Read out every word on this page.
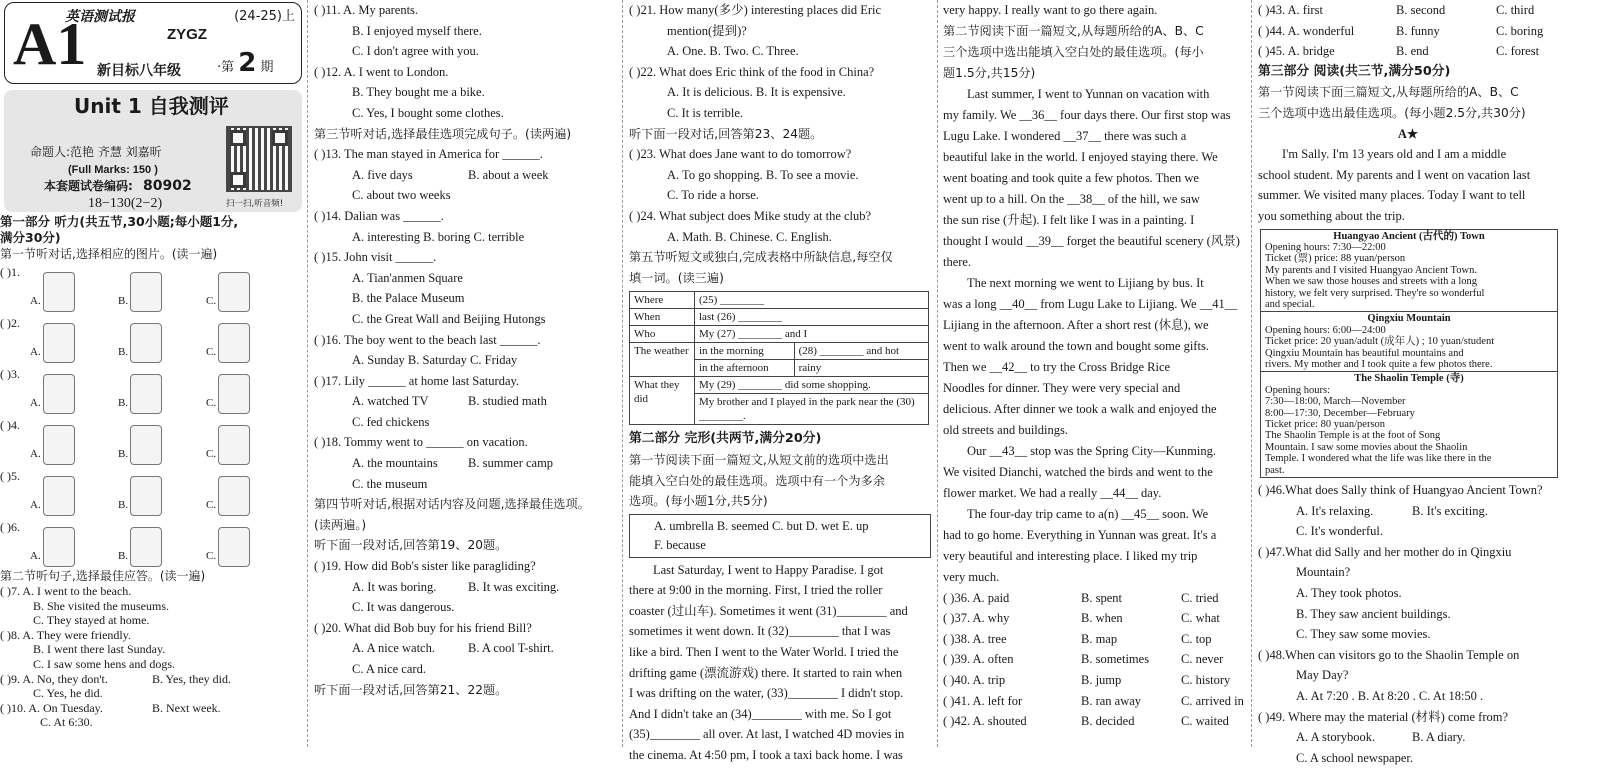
英语测试报
ZYGZ
(24-25)上
A1 新目标八年级	·第 2 期
Unit 1 自我测评
命题人:范艳 齐慧 刘嘉昕
(Full Marks: 150 )
本套题试卷编码: 80902
18−130(2−2)	扫一扫,听音频!
第一部分 听力(共五节,30小题;每小题1分,
满分30分)
第一节听对话,选择相应的图片。(读一遍)
( )1.
A.	B.	C.
( )2.
A.	B.	C.
( )3.
A.	B.	C.
( )4.
A.	B.	C.
( )5.
A.	B.	C.
( )6.
A.	B.	C.
第二节听句子,选择最佳应答。(读一遍)
( )7. A. I went to the beach.
B. She visited the museums.
C. They stayed at home.
( )8. A. They were friendly.
B. I went there last Sunday.
C. I saw some hens and dogs.
( )9. A. No, they don't.	B. Yes, they did.
C. Yes, he did.
( )10. A. On Tuesday.	B. Next week.
C. At 6:30.
( )11. A. My parents.
B. I enjoyed myself there.
C. I don't agree with you.
( )12. A. I went to London.
B. They bought me a bike.
C. Yes, I bought some clothes.
第三节听对话,选择最佳选项完成句子。(读两遍)
( )13. The man stayed in America for ______.
A. five days	B. about a week
C. about two weeks
( )14. Dalian was ______.
A. interesting B. boring C. terrible
( )15. John visit ______.
A. Tian'anmen Square
B. the Palace Museum
C. the Great Wall and Beijing Hutongs
( )16. The boy went to the beach last ______.
A. Sunday B. Saturday C. Friday
( )17. Lily ______ at home last Saturday.
A. watched TV	B. studied math
C. fed chickens
( )18. Tommy went to ______ on vacation.
A. the mountains B. summer camp
C. the museum
第四节听对话,根据对话内容及问题,选择最佳选项。
(读两遍。)
听下面一段对话,回答第19、20题。
( )19. How did Bob's sister like paragliding?
A. It was boring.	B. It was exciting.
C. It was dangerous.
( )20. What did Bob buy for his friend Bill?
A. A nice watch.	B. A cool T-shirt.
C. A nice card.
听下面一段对话,回答第21、22题。
( )21. How many(多少) interesting places did Eric
mention(提到)?
A. One. B. Two. C. Three.
( )22. What does Eric think of the food in China?
A. It is delicious. B. It is expensive.
C. It is terrible.
听下面一段对话,回答第23、24题。
( )23. What does Jane want to do tomorrow?
A. To go shopping. B. To see a movie.
C. To ride a horse.
( )24. What subject does Mike study at the club?
A. Math. B. Chinese. C. English.
第五节听短文或独白,完成表格中所缺信息,每空仅
填一词。(读三遍)
Where	(25) ________	
When	last (26) ________	
Who	My (27) ________ and I	
The weather	in the morning	(28) ________ and hot
	in the afternoon	rainy
What they did	My (29) ________ did some shopping.	
	My brother and I played in the park near the (30) ________.	
第二部分 完形(共两节,满分20分)
第一节阅读下面一篇短文,从短文前的选项中选出
能填入空白处的最佳选项。选项中有一个为多余
选项。(每小题1分,共5分)
A. umbrella B. seemed C. but D. wet E. up
F. because
Last Saturday, I went to Happy Paradise. I got
there at 9:00 in the morning. First, I tried the roller
coaster (过山车). Sometimes it went (31)________ and
sometimes it went down. It (32)________ that I was
like a bird. Then I went to the Water World. I tried the
drifting game (漂流游戏) there. It started to rain when
I was drifting on the water, (33)________ I didn't stop.
And I didn't take an (34)________ with me. So I got
(35)________ all over. At last, I watched 4D movies in
the cinema. At 4:50 pm, I took a taxi back home. I was
very happy. I really want to go there again.
第二节阅读下面一篇短文,从每题所给的A、B、C
三个选项中选出能填入空白处的最佳选项。(每小
题1.5分,共15分)
Last summer, I went to Yunnan on vacation with
my family. We __36__ four days there. Our first stop was
Lugu Lake. I wondered __37__ there was such a
beautiful lake in the world. I enjoyed staying there. We
went boating and took quite a few photos. Then we
went up to a hill. On the __38__ of the hill, we saw
the sun rise (升起). I felt like I was in a painting. I
thought I would __39__ forget the beautiful scenery (风景)
there.
The next morning we went to Lijiang by bus. It
was a long __40__ from Lugu Lake to Lijiang. We __41__
Lijiang in the afternoon. After a short rest (休息), we
went to walk around the town and bought some gifts.
Then we __42__ to try the Cross Bridge Rice
Noodles for dinner. They were very special and
delicious. After dinner we took a walk and enjoyed the
old streets and buildings.
Our __43__ stop was the Spring City—Kunming.
We visited Dianchi, watched the birds and went to the
flower market. We had a really __44__ day.
The four-day trip came to a(n) __45__ soon. We
had to go home. Everything in Yunnan was great. It's a
very beautiful and interesting place. I liked my trip
very much.
( )36. A. paid	B. spent	C. tried
( )37. A. why	B. when	C. what
( )38. A. tree	B. map	C. top
( )39. A. often	B. sometimes	C. never
( )40. A. trip	B. jump	C. history
( )41. A. left for	B. ran away	C. arrived in
( )42. A. shouted	B. decided	C. waited
( )43. A. first	B. second	C. third
( )44. A. wonderful	B. funny	C. boring
( )45. A. bridge	B. end	C. forest
第三部分 阅读(共三节,满分50分)
第一节阅读下面三篇短文,从每题所给的A、B、C
三个选项中选出最佳选项。(每小题2.5分,共30分)
A★
I'm Sally. I'm 13 years old and I am a middle
school student. My parents and I went on vacation last
summer. We visited many places. Today I want to tell
you something about the trip.
Huangyao Ancient (古代的) Town
Opening hours: 7:30—22:00
Ticket (票) price: 88 yuan/person
My parents and I visited Huangyao Ancient Town.
When we saw those houses and streets with a long
history, we felt very surprised. They're so wonderful
and special.
Qingxiu Mountain
Opening hours: 6:00—24:00
Ticket price: 20 yuan/adult (成年人) ; 10 yuan/student
Qingxiu Mountain has beautiful mountains and
rivers. My mother and I took quite a few photos there.
The Shaolin Temple (寺)
Opening hours:
7:30—18:00, March—November
8:00—17:30, December—February
Ticket price: 80 yuan/person
The Shaolin Temple is at the foot of Song
Mountain. I saw some movies about the Shaolin
Temple. I wondered what the life was like there in the
past.
( )46.What does Sally think of Huangyao Ancient Town?
A. It's relaxing.	B. It's exciting.
C. It's wonderful.
( )47.What did Sally and her mother do in Qingxiu
Mountain?
A. They took photos.
B. They saw ancient buildings.
C. They saw some movies.
( )48.When can visitors go to the Shaolin Temple on
May Day?
A. At 7:20 . B. At 8:20 . C. At 18:50 .
( )49. Where may the material (材料) come from?
A. A storybook.	B. A diary.
C. A school newspaper.
